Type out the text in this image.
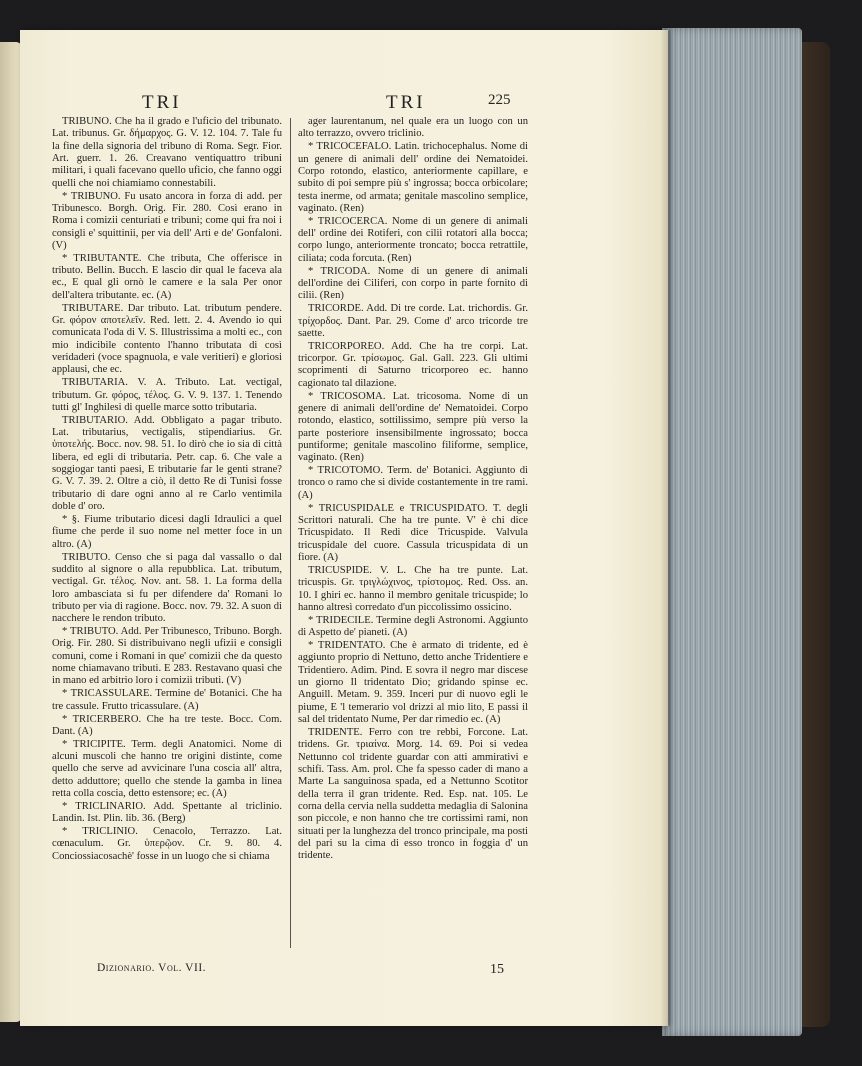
TRI	TRI	225

TRIBUNO. Che ha il grado e l'uficio del tribunato. Lat. tribunus. Gr. δήμαρχος. G. V. 12. 104. 7. Tale fu la fine della signoria del tribuno di Roma. Segr. Fior. Art. guerr. 1. 26. Creavano ventiquattro tribuni militari, i quali facevano quello uficio, che fanno oggi quelli che noi chiamiamo connestabili.

* TRIBUNO. Fu usato ancora in forza di add. per Tribunesco. Borgh. Orig. Fir. 280. Così erano in Roma i comizii centuriati e tribuni; come qui fra noi i consigli e' squittinii, per via dell' Arti e de' Gonfaloni. (V)

* TRIBUTANTE. Che tributa, Che offerisce in tributo. Bellin. Bucch. E lascio dir qual le faceva ala ec., E qual gli ornò le camere e la sala Per onor dell'altera tributante. ec. (A)

TRIBUTARE. Dar tributo. Lat. tributum pendere. Gr. φόρον αποτελεῖν. Red. lett. 2. 4. Avendo io qui comunicata l'oda di V. S. Illustrissima a molti ec., con mio indicibile contento l'hanno tributata di così veridaderi (voce spagnuola, e vale veritieri) e gloriosi applausi, che ec.

TRIBUTARIA. V. A. Tributo. Lat. vectigal, tributum. Gr. φόρος, τέλος. G. V. 9. 137. 1. Tenendo tutti gl' Inghilesi di quelle marce sotto tributaria.

TRIBUTARIO. Add. Obbligato a pagar tributo. Lat. tributarius, vectigalis, stipendiarius. Gr. ὑποτελής. Bocc. nov. 98. 51. Io dirò che io sia di città libera, ed egli di tributaria. Petr. cap. 6. Che vale a soggiogar tanti paesi, E tributarie far le genti strane? G. V. 7. 39. 2. Oltre a ciò, il detto Re di Tunisi fosse tributario di dare ogni anno al re Carlo ventimila doble d' oro.

* §. Fiume tributario dicesi dagli Idraulici a quel fiume che perde il suo nome nel metter foce in un altro. (A)

TRIBUTO. Censo che si paga dal vassallo o dal suddito al signore o alla repubblica. Lat. tributum, vectigal. Gr. τέλος. Nov. ant. 58. 1. La forma della loro ambasciata si fu per difendere da' Romani lo tributo per via di ragione. Bocc. nov. 79. 32. A suon di nacchere le rendon tributo.

* TRIBUTO. Add. Per Tribunesco, Tribuno. Borgh. Orig. Fir. 280. Si distribuivano negli ufizii e consigli comuni, come i Romani in que' comizii che da questo nome chiamavano tributi. E 283. Restavano quasi che in mano ed arbitrio loro i comizii tributi. (V)

* TRICASSULARE. Termine de' Botanici. Che ha tre cassule. Frutto tricassulare. (A)

* TRICERBERO. Che ha tre teste. Bocc. Com. Dant. (A)

* TRICIPITE. Term. degli Anatomici. Nome di alcuni muscoli che hanno tre origini distinte, come quello che serve ad avvicinare l'una coscia all' altra, detto adduttore; quello che stende la gamba in linea retta colla coscia, detto estensore; ec. (A)

* TRICLINARIO. Add. Spettante al triclinio. Landin. Ist. Plin. lib. 36. (Berg)

* TRICLINIO. Cenacolo, Terrazzo. Lat. cœnaculum. Gr. ὑπερῷον. Cr. 9. 80. 4. Conciossiacosachè' fosse in un luogo che si chiama

ager laurentanum, nel quale era un luogo con un alto terrazzo, ovvero triclinio.

* TRICOCEFALO. Latin. trichocephalus. Nome di un genere di animali dell' ordine dei Nematoidei. Corpo rotondo, elastico, anteriormente capillare, e subito di poi sempre più s' ingrossa; bocca orbicolare; testa inerme, od armata; genitale mascolino semplice, vaginato. (Ren)

* TRICOCERCA. Nome di un genere di animali dell' ordine dei Rotiferi, con cilii rotatori alla bocca; corpo lungo, anteriormente troncato; bocca retrattile, ciliata; coda forcuta. (Ren)

* TRICODA. Nome di un genere di animali dell'ordine dei Ciliferi, con corpo in parte fornito di cilii. (Ren)

TRICORDE. Add. Di tre corde. Lat. trichordis. Gr. τρίχορδος. Dant. Par. 29. Come d' arco tricorde tre saette.

TRICORPOREO. Add. Che ha tre corpi. Lat. tricorpor. Gr. τρίσωμος. Gal. Gall. 223. Gli ultimi scoprimenti di Saturno tricorporeo ec. hanno cagionato tal dilazione.

* TRICOSOMA. Lat. tricosoma. Nome di un genere di animali dell'ordine de' Nematoidei. Corpo rotondo, elastico, sottilissimo, sempre più verso la parte posteriore insensibilmente ingrossato; bocca puntiforme; genitale mascolino filiforme, semplice, vaginato. (Ren)

* TRICOTOMO. Term. de' Botanici. Aggiunto di tronco o ramo che si divide costantemente in tre rami. (A)

* TRICUSPIDALE e TRICUSPIDATO. T. degli Scrittori naturali. Che ha tre punte. V' è chi dice Tricuspidato. Il Redi dice Tricuspide. Valvula tricuspidale del cuore. Cassula tricuspidata di un fiore. (A)

TRICUSPIDE. V. L. Che ha tre punte. Lat. tricuspis. Gr. τριγλώχινος, τρίστομος. Red. Oss. an. 10. I ghiri ec. hanno il membro genitale tricuspide; lo hanno altresì corredato d'un piccolissimo ossicino.

* TRIDECILE. Termine degli Astronomi. Aggiunto di Aspetto de' pianeti. (A)

* TRIDENTATO. Che è armato di tridente, ed è aggiunto proprio di Nettuno, detto anche Tridentiere e Tridentiero. Adim. Pind. E sovra il negro mar discese un giorno Il tridentato Dio; gridando spinse ec. Anguill. Metam. 9. 359. Inceri pur di nuovo egli le piume, E 'l temerario vol drizzi al mio lito, E passi il sal del tridentato Nume, Per dar rimedio ec. (A)

TRIDENTE. Ferro con tre rebbi, Forcone. Lat. tridens. Gr. τριαίνα. Morg. 14. 69. Poi si vedea Nettunno col tridente guardar con atti ammirativi e schifi. Tass. Am. prol. Che fa spesso cader di mano a Marte La sanguinosa spada, ed a Nettunno Scotitor della terra il gran tridente. Red. Esp. nat. 105. Le corna della cervia nella suddetta medaglia di Salonina son piccole, e non hanno che tre cortissimi rami, non situati per la lunghezza del tronco principale, ma posti del pari su la cima di esso tronco in foggia d' un tridente.

Dizionario. Vol. VII.	15
